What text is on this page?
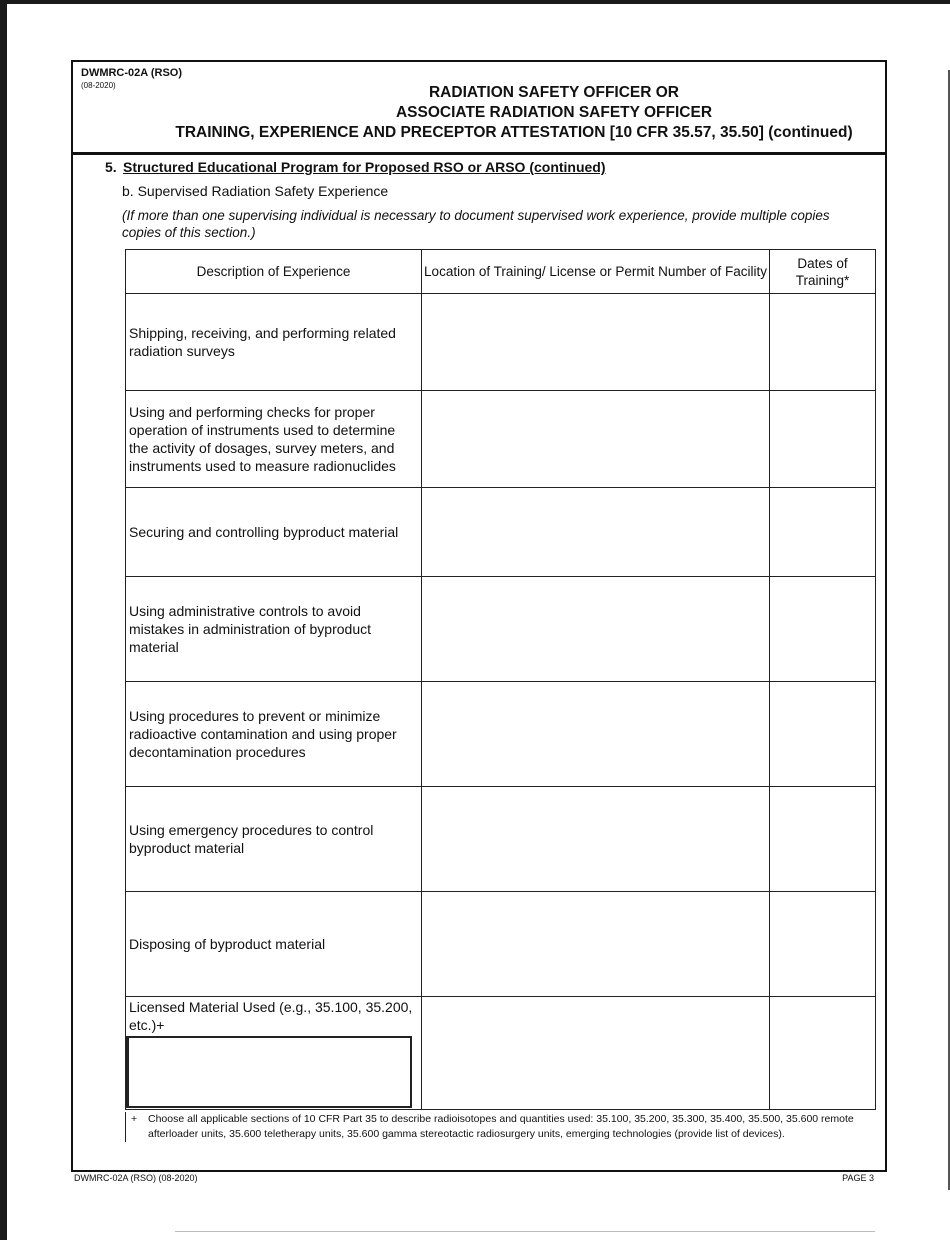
DWMRC-02A (RSO)
(08-2020)	RADIATION SAFETY OFFICER OR
ASSOCIATE RADIATION SAFETY OFFICER
TRAINING, EXPERIENCE AND PRECEPTOR ATTESTATION [10 CFR 35.57, 35.50] (continued)
5. Structured Educational Program for Proposed RSO or ARSO (continued)
b. Supervised Radiation Safety Experience
(If more than one supervising individual is necessary to document supervised work experience, provide multiple copies copies of this section.)
Description of Experience	Location of Training/ License or Permit Number of Facility	Dates of Training*
Shipping, receiving, and performing related radiation surveys		
Using and performing checks for proper operation of instruments used to determine the activity of dosages, survey meters, and instruments used to measure radionuclides		
Securing and controlling byproduct material		
Using administrative controls to avoid mistakes in administration of byproduct material		
Using procedures to prevent or minimize radioactive contamination and using proper decontamination procedures		
Using emergency procedures to control byproduct material		
Disposing of byproduct material		

Licensed Material Used (e.g., 35.100, 35.200, etc.)+		

+ Choose all applicable sections of 10 CFR Part 35 to describe radioisotopes and quantities used: 35.100, 35.200, 35.300, 35.400, 35.500, 35.600 remote afterloader units, 35.600 teletherapy units, 35.600 gamma stereotactic radiosurgery units, emerging technologies (provide list of devices).
DWMRC-02A (RSO) (08-2020)	PAGE 3
